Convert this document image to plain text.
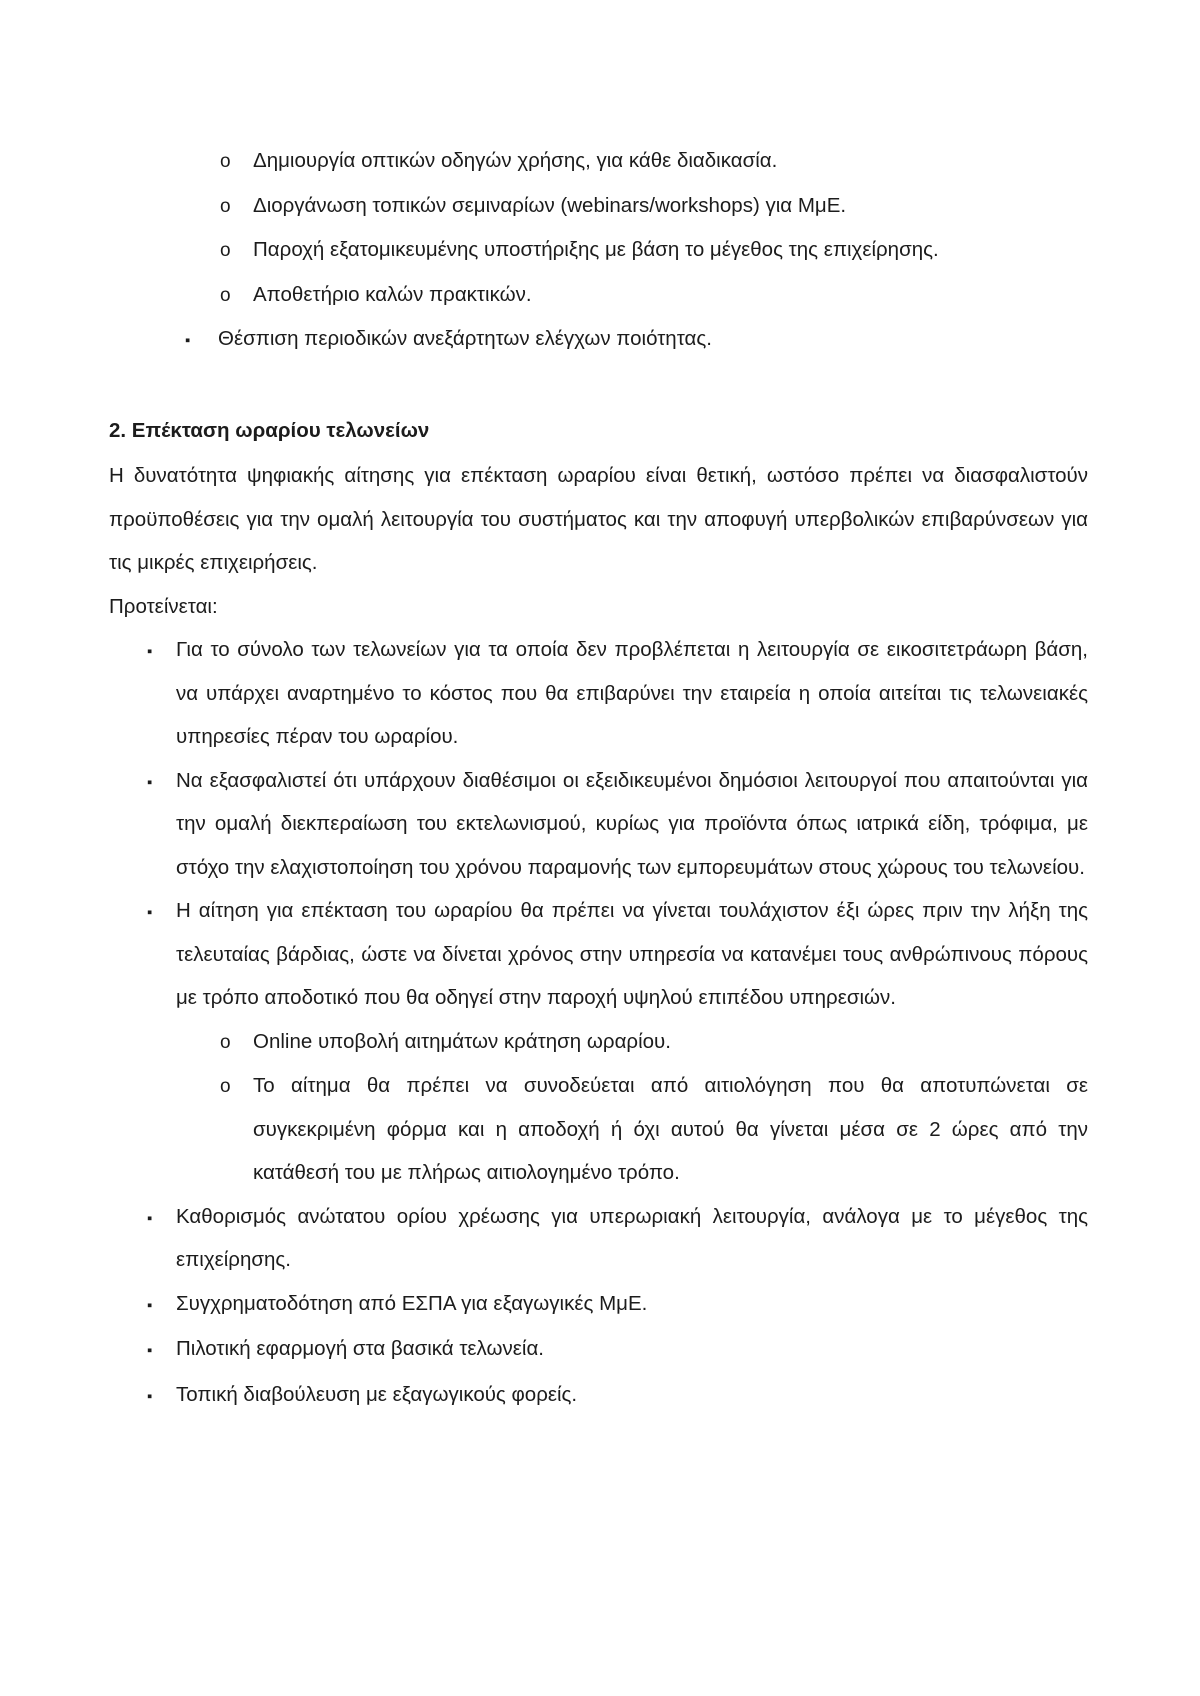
o	Δημιουργία οπτικών οδηγών χρήσης, για κάθε διαδικασία.
o	Διοργάνωση τοπικών σεμιναρίων (webinars/workshops) για ΜμΕ.
o	Παροχή εξατομικευμένης υποστήριξης με βάση το μέγεθος της επιχείρησης.
o	Αποθετήριο καλών πρακτικών.
▪	Θέσπιση περιοδικών ανεξάρτητων ελέγχων ποιότητας.
2. Επέκταση ωραρίου τελωνείων
Η δυνατότητα ψηφιακής αίτησης για επέκταση ωραρίου είναι θετική, ωστόσο πρέπει να διασφαλιστούν προϋποθέσεις για την ομαλή λειτουργία του συστήματος και την αποφυγή υπερβολικών επιβαρύνσεων για τις μικρές επιχειρήσεις.
Προτείνεται:
▪	Για το σύνολο των τελωνείων για τα οποία δεν προβλέπεται η λειτουργία σε εικοσιτετράωρη βάση, να υπάρχει αναρτημένο το κόστος που θα επιβαρύνει την εταιρεία η οποία αιτείται τις τελωνειακές υπηρεσίες πέραν του ωραρίου.
▪	Να εξασφαλιστεί ότι υπάρχουν διαθέσιμοι οι εξειδικευμένοι δημόσιοι λειτουργοί που απαιτούνται για την ομαλή διεκπεραίωση του εκτελωνισμού, κυρίως για προϊόντα όπως ιατρικά είδη, τρόφιμα, με στόχο την ελαχιστοποίηση του χρόνου παραμονής των εμπορευμάτων στους χώρους του τελωνείου.
▪	Η αίτηση για επέκταση του ωραρίου θα πρέπει να γίνεται τουλάχιστον έξι ώρες πριν την λήξη της τελευταίας βάρδιας, ώστε να δίνεται χρόνος στην υπηρεσία να κατανέμει τους ανθρώπινους πόρους με τρόπο αποδοτικό που θα οδηγεί στην παροχή υψηλού επιπέδου υπηρεσιών.
o	Online υποβολή αιτημάτων κράτηση ωραρίου.
o	Το αίτημα θα πρέπει να συνοδεύεται από αιτιολόγηση που θα αποτυπώνεται σε συγκεκριμένη φόρμα και η αποδοχή ή όχι αυτού θα γίνεται μέσα σε 2 ώρες από την κατάθεσή του με πλήρως αιτιολογημένο τρόπο.
▪	Καθορισμός ανώτατου ορίου χρέωσης για υπερωριακή λειτουργία, ανάλογα με το μέγεθος της επιχείρησης.
▪	Συγχρηματοδότηση από ΕΣΠΑ για εξαγωγικές ΜμΕ.
▪	Πιλοτική εφαρμογή στα βασικά τελωνεία.
▪	Τοπική διαβούλευση με εξαγωγικούς φορείς.
